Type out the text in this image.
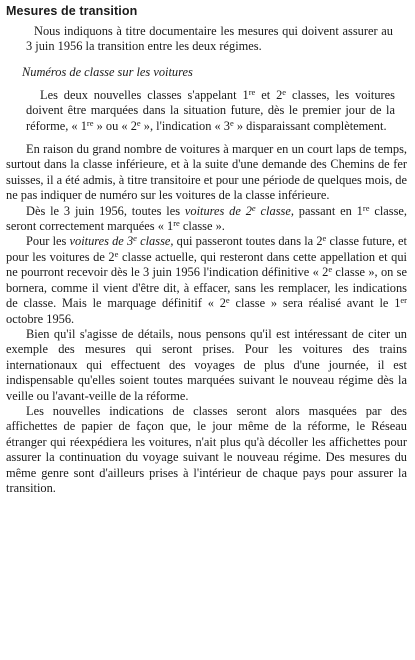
Mesures de transition

Nous indiquons à titre documentaire les mesures qui doivent assurer au 3 juin 1956 la transition entre les deux régimes.

Numéros de classe sur les voitures

Les deux nouvelles classes s'appelant 1re et 2e classes, les voitures doivent être marquées dans la situation future, dès le premier jour de la réforme, « 1re » ou « 2e », l'indication « 3e » disparaissant complètement.

En raison du grand nombre de voitures à marquer en un court laps de temps, surtout dans la classe inférieure, et à la suite d'une demande des Chemins de fer suisses, il a été admis, à titre transitoire et pour une période de quelques mois, de ne pas indiquer de numéro sur les voitures de la classe inférieure.

Dès le 3 juin 1956, toutes les voitures de 2e classe, passant en 1re classe, seront correctement marquées « 1re classe ».

Pour les voitures de 3e classe, qui passeront toutes dans la 2e classe future, et pour les voitures de 2e classe actuelle, qui resteront dans cette appellation et qui ne pourront recevoir dès le 3 juin 1956 l'indication définitive « 2e classe », on se bornera, comme il vient d'être dit, à effacer, sans les remplacer, les indications de classe. Mais le marquage définitif « 2e classe » sera réalisé avant le 1er octobre 1956.

Bien qu'il s'agisse de détails, nous pensons qu'il est intéressant de citer un exemple des mesures qui seront prises. Pour les voitures des trains internationaux qui effectuent des voyages de plus d'une journée, il est indispensable qu'elles soient toutes marquées suivant le nouveau régime dès la veille ou l'avant-veille de la réforme.

Les nouvelles indications de classes seront alors masquées par des affichettes de papier de façon que, le jour même de la réforme, le Réseau étranger qui réexpédiera les voitures, n'ait plus qu'à décoller les affichettes pour assurer la continuation du voyage suivant le nouveau régime. Des mesures du même genre sont d'ailleurs prises à l'intérieur de chaque pays pour assurer la transition.
